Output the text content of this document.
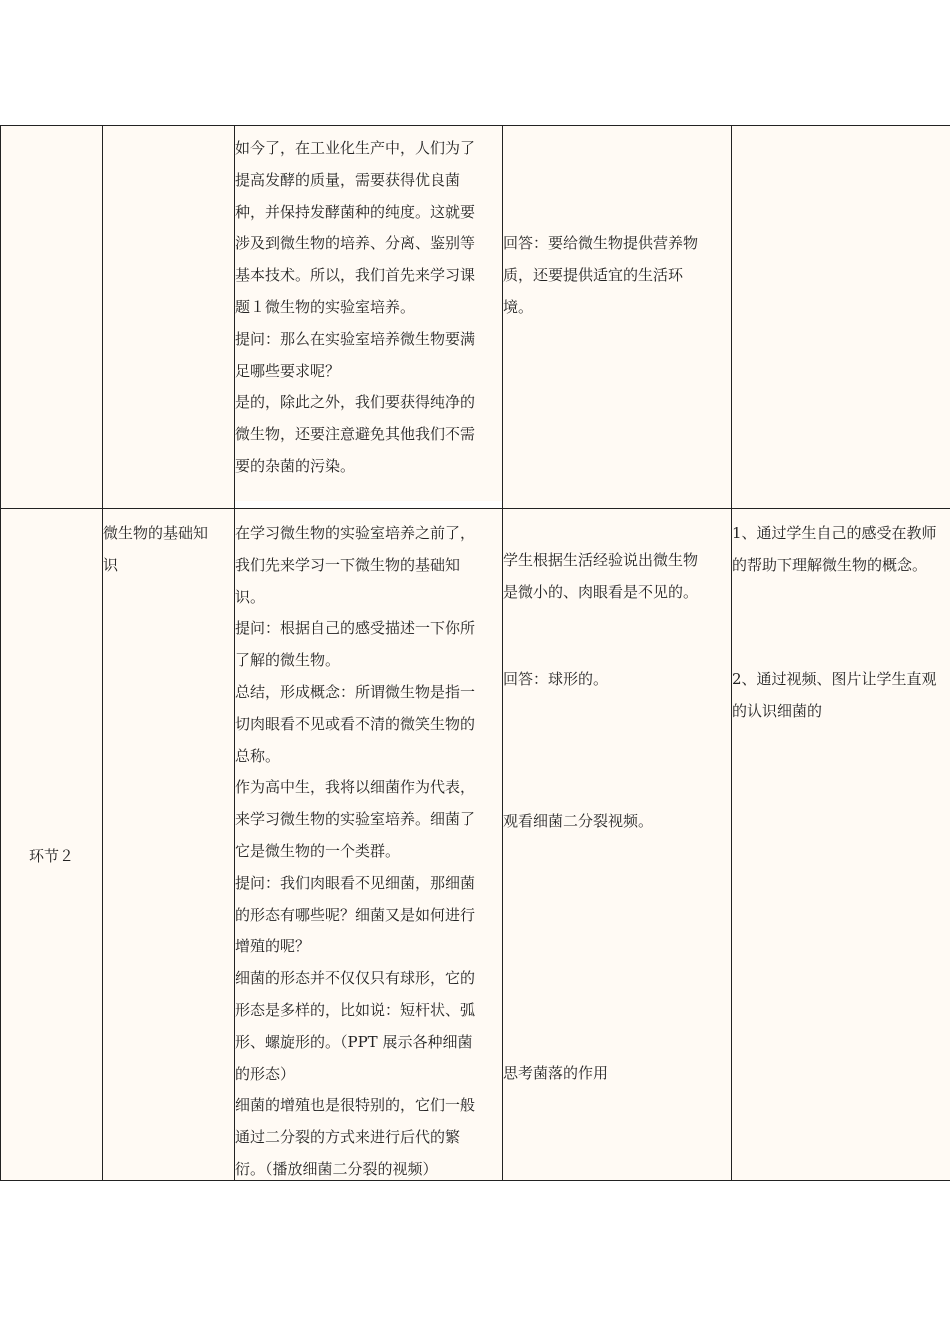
如今了，在工业化生产中，人们为了
提高发酵的质量，需要获得优良菌
种，并保持发酵菌种的纯度。这就要
涉及到微生物的培养、分离、鉴别等
基本技术。所以，我们首先来学习课
题１微生物的实验室培养。
提问：那么在实验室培养微生物要满
足哪些要求呢？
是的，除此之外，我们要获得纯净的
微生物，还要注意避免其他我们不需
要的杂菌的污染。
回答：要给微生物提供营养物
质，还要提供适宜的生活环
境。
环节２
微生物的基础知
识
在学习微生物的实验室培养之前了，
我们先来学习一下微生物的基础知
识。
提问：根据自己的感受描述一下你所
了解的微生物。
总结，形成概念：所谓微生物是指一
切肉眼看不见或看不清的微笑生物的
总称。
作为高中生，我将以细菌作为代表，
来学习微生物的实验室培养。细菌了
它是微生物的一个类群。
提问：我们肉眼看不见细菌，那细菌
的形态有哪些呢？细菌又是如何进行
增殖的呢？
细菌的形态并不仅仅只有球形，它的
形态是多样的，比如说：短杆状、弧
形、螺旋形的。（PPT 展示各种细菌
的形态）
细菌的增殖也是很特别的，它们一般
通过二分裂的方式来进行后代的繁
衍。（播放细菌二分裂的视频）
学生根据生活经验说出微生物
是微小的、肉眼看是不见的。
回答：球形的。
观看细菌二分裂视频。
思考菌落的作用
1、通过学生自己的感受在教师
的帮助下理解微生物的概念。
2、通过视频、图片让学生直观
的认识细菌的
